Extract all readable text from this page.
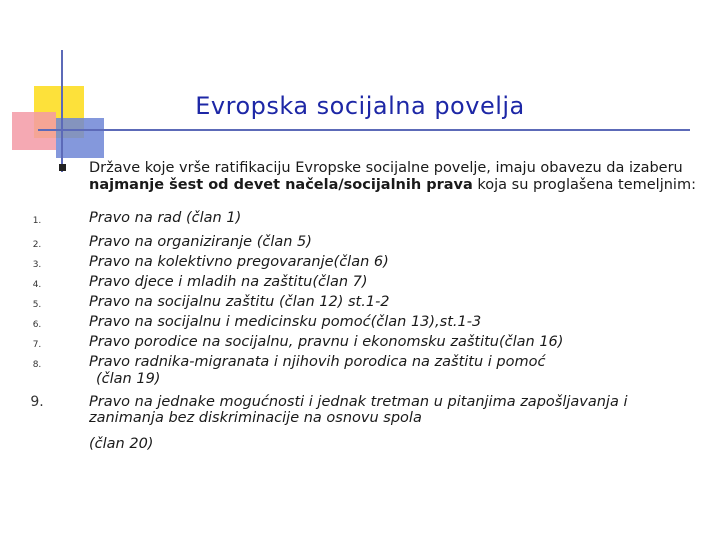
Evropska socijalna povelja
Države koje vrše ratifikaciju Evropske socijalne povelje, imaju obavezu da izaberu najmanje šest od devet načela/socijalnih prava koja su proglašena temeljnim:
1.	Pravo na rad (član 1)
2.	Pravo na organiziranje (član 5)
3.	Pravo na kolektivno pregovaranje(član 6)
4.	Pravo djece i mladih na zaštitu(član 7)
5.	Pravo na socijalnu zaštitu (član 12) st.1-2
6.	Pravo na socijalnu i medicinsku pomoć(član 13),st.1-3
7.	Pravo porodice na socijalnu, pravnu i ekonomsku zaštitu(član 16)
8.	Pravo radnika-migranata i njihovih porodica na zaštitu i pomoć
(član 19)
9.	Pravo na jednake mogućnosti i jednak tretman u pitanjima zapošljavanja i
zanimanja bez diskriminacije na osnovu spola
(član 20)
